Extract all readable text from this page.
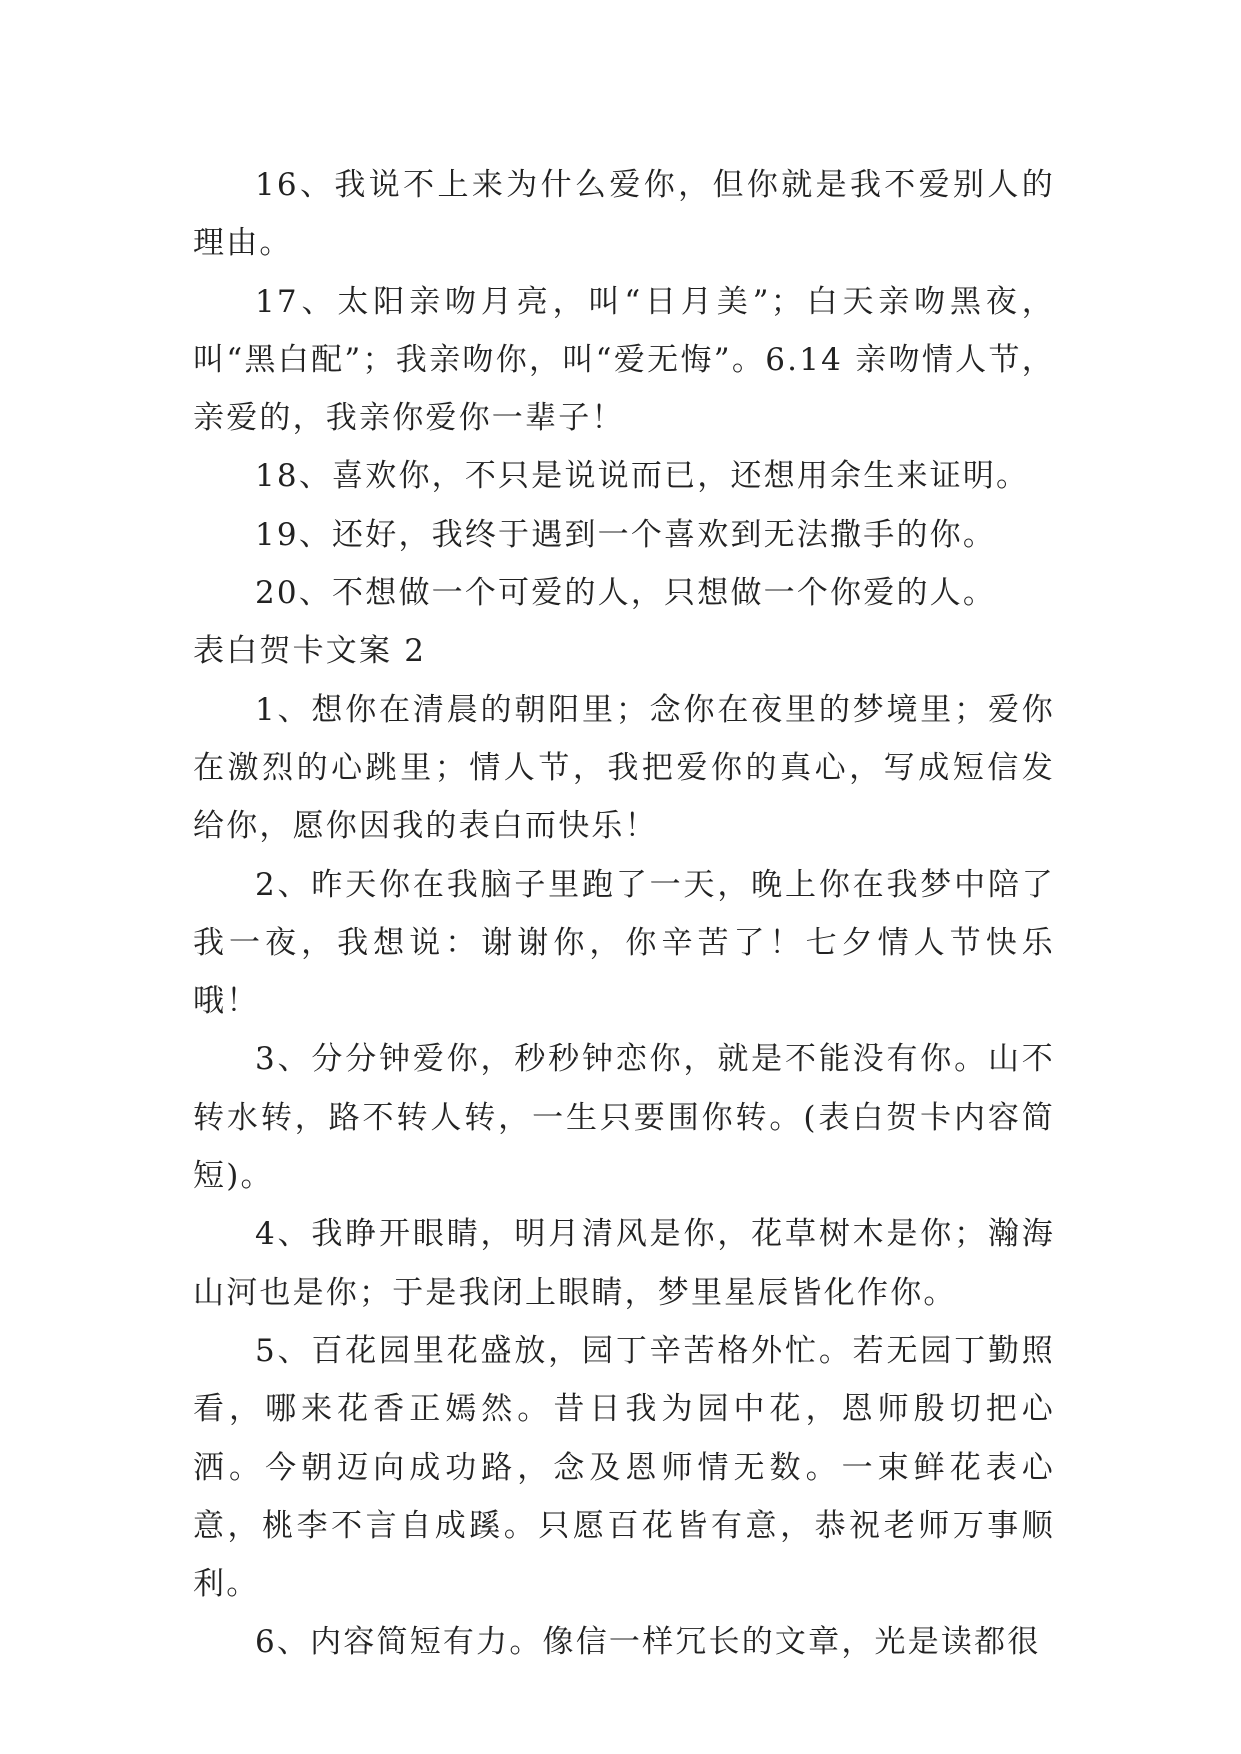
16、我说不上来为什么爱你，但你就是我不爱别人的理由。

17、太阳亲吻月亮，叫“日月美”；白天亲吻黑夜，叫“黑白配”；我亲吻你，叫“爱无悔”。6.14 亲吻情人节，亲爱的，我亲你爱你一辈子！

18、喜欢你，不只是说说而已，还想用余生来证明。

19、还好，我终于遇到一个喜欢到无法撒手的你。

20、不想做一个可爱的人，只想做一个你爱的人。

表白贺卡文案 2

1、想你在清晨的朝阳里；念你在夜里的梦境里；爱你在激烈的心跳里；情人节，我把爱你的真心，写成短信发给你，愿你因我的表白而快乐！

2、昨天你在我脑子里跑了一天，晚上你在我梦中陪了我一夜，我想说：谢谢你，你辛苦了！七夕情人节快乐哦！

3、分分钟爱你，秒秒钟恋你，就是不能没有你。山不转水转，路不转人转，一生只要围你转。(表白贺卡内容简短)。

4、我睁开眼睛，明月清风是你，花草树木是你；瀚海山河也是你；于是我闭上眼睛，梦里星辰皆化作你。

5、百花园里花盛放，园丁辛苦格外忙。若无园丁勤照看，哪来花香正嫣然。昔日我为园中花，恩师殷切把心洒。今朝迈向成功路，念及恩师情无数。一束鲜花表心意，桃李不言自成蹊。只愿百花皆有意，恭祝老师万事顺利。

6、内容简短有力。像信一样冗长的文章，光是读都很
